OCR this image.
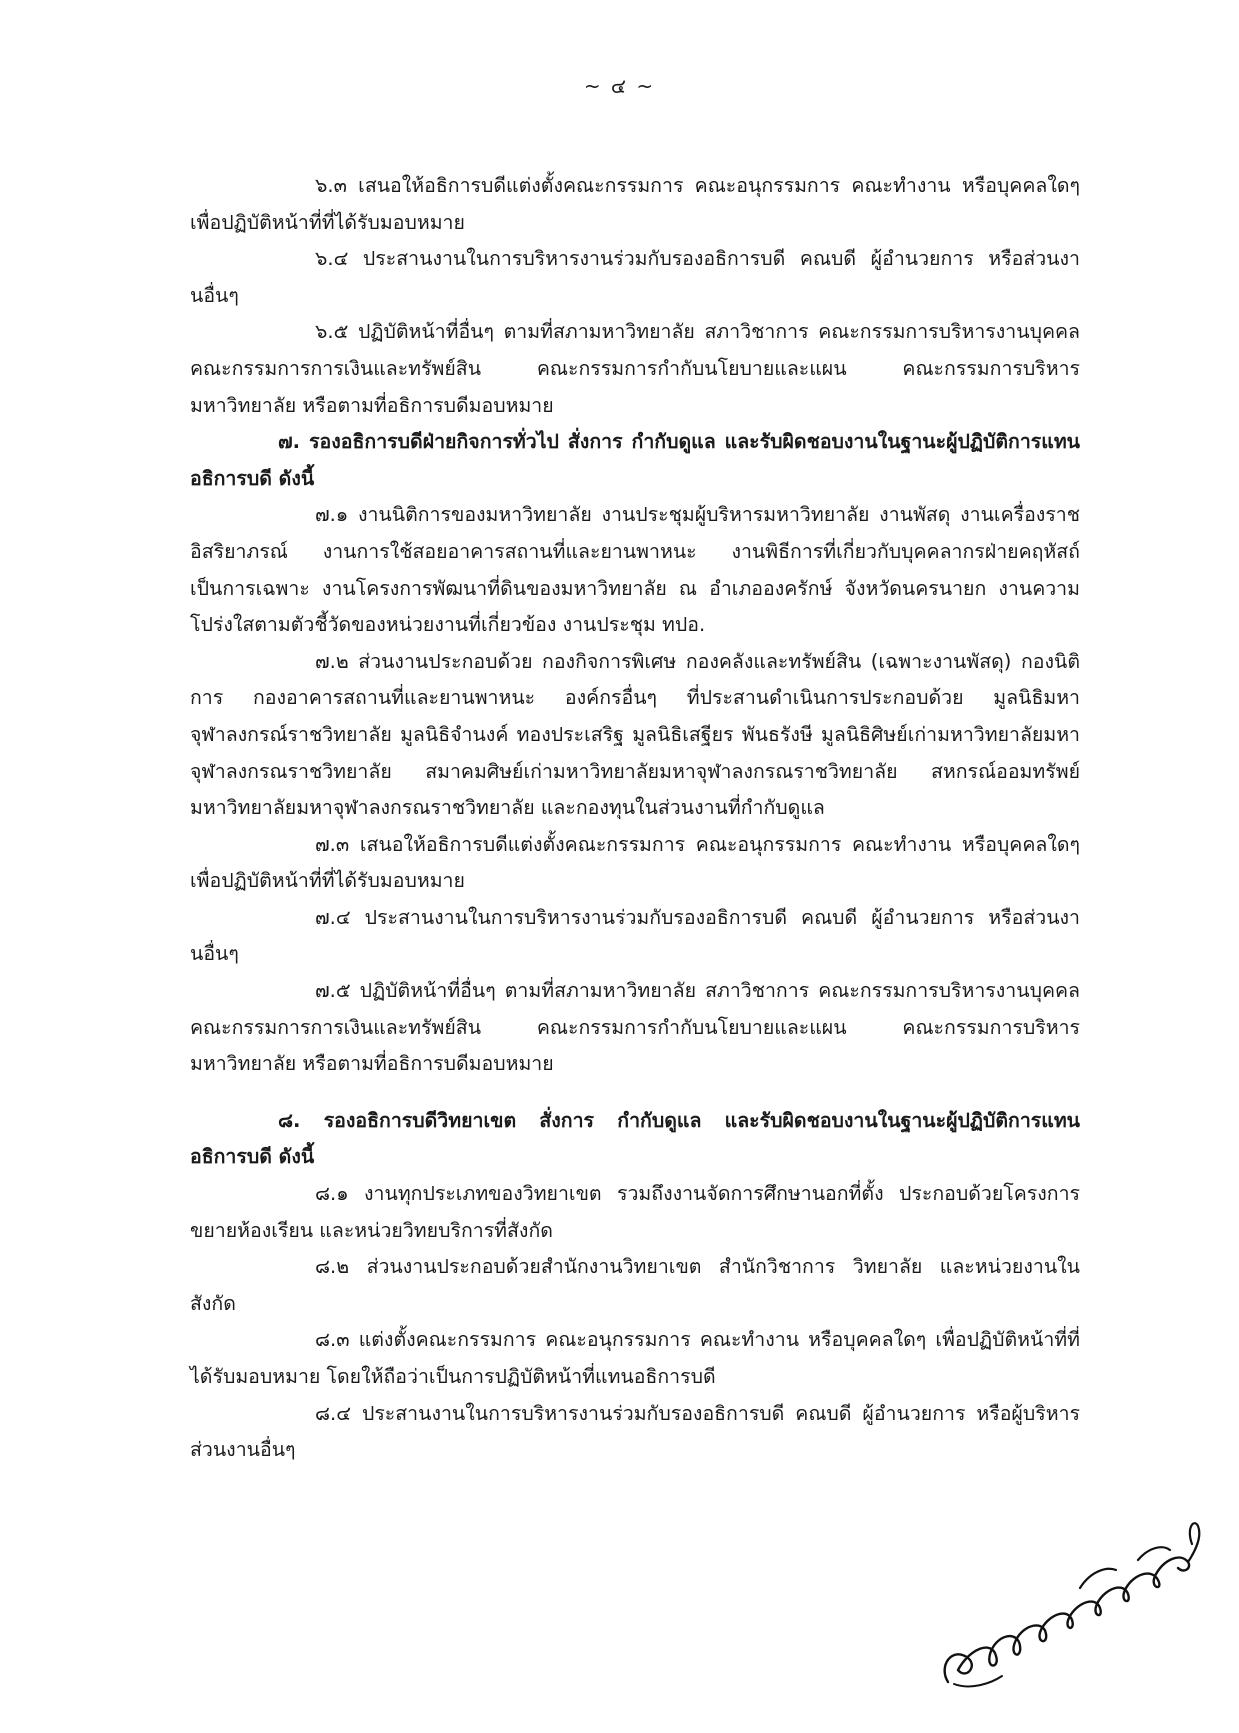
~ ๔ ~

๖.๓ เสนอให้อธิการบดีแต่งตั้งคณะกรรมการ คณะอนุกรรมการ คณะทำงาน หรือบุคคลใดๆ เพื่อปฏิบัติหน้าที่ที่ได้รับมอบหมาย

๖.๔ ประสานงานในการบริหารงานร่วมกับรองอธิการบดี คณบดี ผู้อำนวยการ หรือส่วนงานอื่นๆ

๖.๕ ปฏิบัติหน้าที่อื่นๆ ตามที่สภามหาวิทยาลัย สภาวิชาการ คณะกรรมการบริหารงานบุคคล คณะกรรมการการเงินและทรัพย์สิน คณะกรรมการกำกับนโยบายและแผน คณะกรรมการบริหารมหาวิทยาลัย หรือตามที่อธิการบดีมอบหมาย

๗. รองอธิการบดีฝ่ายกิจการทั่วไป สั่งการ กำกับดูแล และรับผิดชอบงานในฐานะผู้ปฏิบัติการแทนอธิการบดี ดังนี้

๗.๑ งานนิติการของมหาวิทยาลัย งานประชุมผู้บริหารมหาวิทยาลัย งานพัสดุ งานเครื่องราชอิสริยาภรณ์ งานการใช้สอยอาคารสถานที่และยานพาหนะ งานพิธีการที่เกี่ยวกับบุคคลากรฝ่ายคฤหัสถ์เป็นการเฉพาะ งานโครงการพัฒนาที่ดินของมหาวิทยาลัย ณ อำเภอองครักษ์ จังหวัดนครนายก งานความโปร่งใสตามตัวชี้วัดของหน่วยงานที่เกี่ยวข้อง งานประชุม ทปอ.

๗.๒ ส่วนงานประกอบด้วย กองกิจการพิเศษ กองคลังและทรัพย์สิน (เฉพาะงานพัสดุ) กองนิติการ กองอาคารสถานที่และยานพาหนะ องค์กรอื่นๆ ที่ประสานดำเนินการประกอบด้วย มูลนิธิมหาจุฬาลงกรณ์ราชวิทยาลัย มูลนิธิจำนงค์ ทองประเสริฐ มูลนิธิเสฐียร พันธรังษี มูลนิธิศิษย์เก่ามหาวิทยาลัยมหาจุฬาลงกรณราชวิทยาลัย สมาคมศิษย์เก่ามหาวิทยาลัยมหาจุฬาลงกรณราชวิทยาลัย สหกรณ์ออมทรัพย์มหาวิทยาลัยมหาจุฬาลงกรณราชวิทยาลัย และกองทุนในส่วนงานที่กำกับดูแล

๗.๓ เสนอให้อธิการบดีแต่งตั้งคณะกรรมการ คณะอนุกรรมการ คณะทำงาน หรือบุคคลใดๆ เพื่อปฏิบัติหน้าที่ที่ได้รับมอบหมาย

๗.๔ ประสานงานในการบริหารงานร่วมกับรองอธิการบดี คณบดี ผู้อำนวยการ หรือส่วนงานอื่นๆ

๗.๕ ปฏิบัติหน้าที่อื่นๆ ตามที่สภามหาวิทยาลัย สภาวิชาการ คณะกรรมการบริหารงานบุคคล คณะกรรมการการเงินและทรัพย์สิน คณะกรรมการกำกับนโยบายและแผน คณะกรรมการบริหารมหาวิทยาลัย หรือตามที่อธิการบดีมอบหมาย

๘. รองอธิการบดีวิทยาเขต สั่งการ กำกับดูแล และรับผิดชอบงานในฐานะผู้ปฏิบัติการแทนอธิการบดี ดังนี้

๘.๑ งานทุกประเภทของวิทยาเขต รวมถึงงานจัดการศึกษานอกที่ตั้ง ประกอบด้วยโครงการขยายห้องเรียน และหน่วยวิทยบริการที่สังกัด

๘.๒ ส่วนงานประกอบด้วยสำนักงานวิทยาเขต สำนักวิชาการ วิทยาลัย และหน่วยงานในสังกัด

๘.๓ แต่งตั้งคณะกรรมการ คณะอนุกรรมการ คณะทำงาน หรือบุคคลใดๆ เพื่อปฏิบัติหน้าที่ที่ได้รับมอบหมาย โดยให้ถือว่าเป็นการปฏิบัติหน้าที่แทนอธิการบดี

๘.๔ ประสานงานในการบริหารงานร่วมกับรองอธิการบดี คณบดี ผู้อำนวยการ หรือผู้บริหารส่วนงานอื่นๆ
